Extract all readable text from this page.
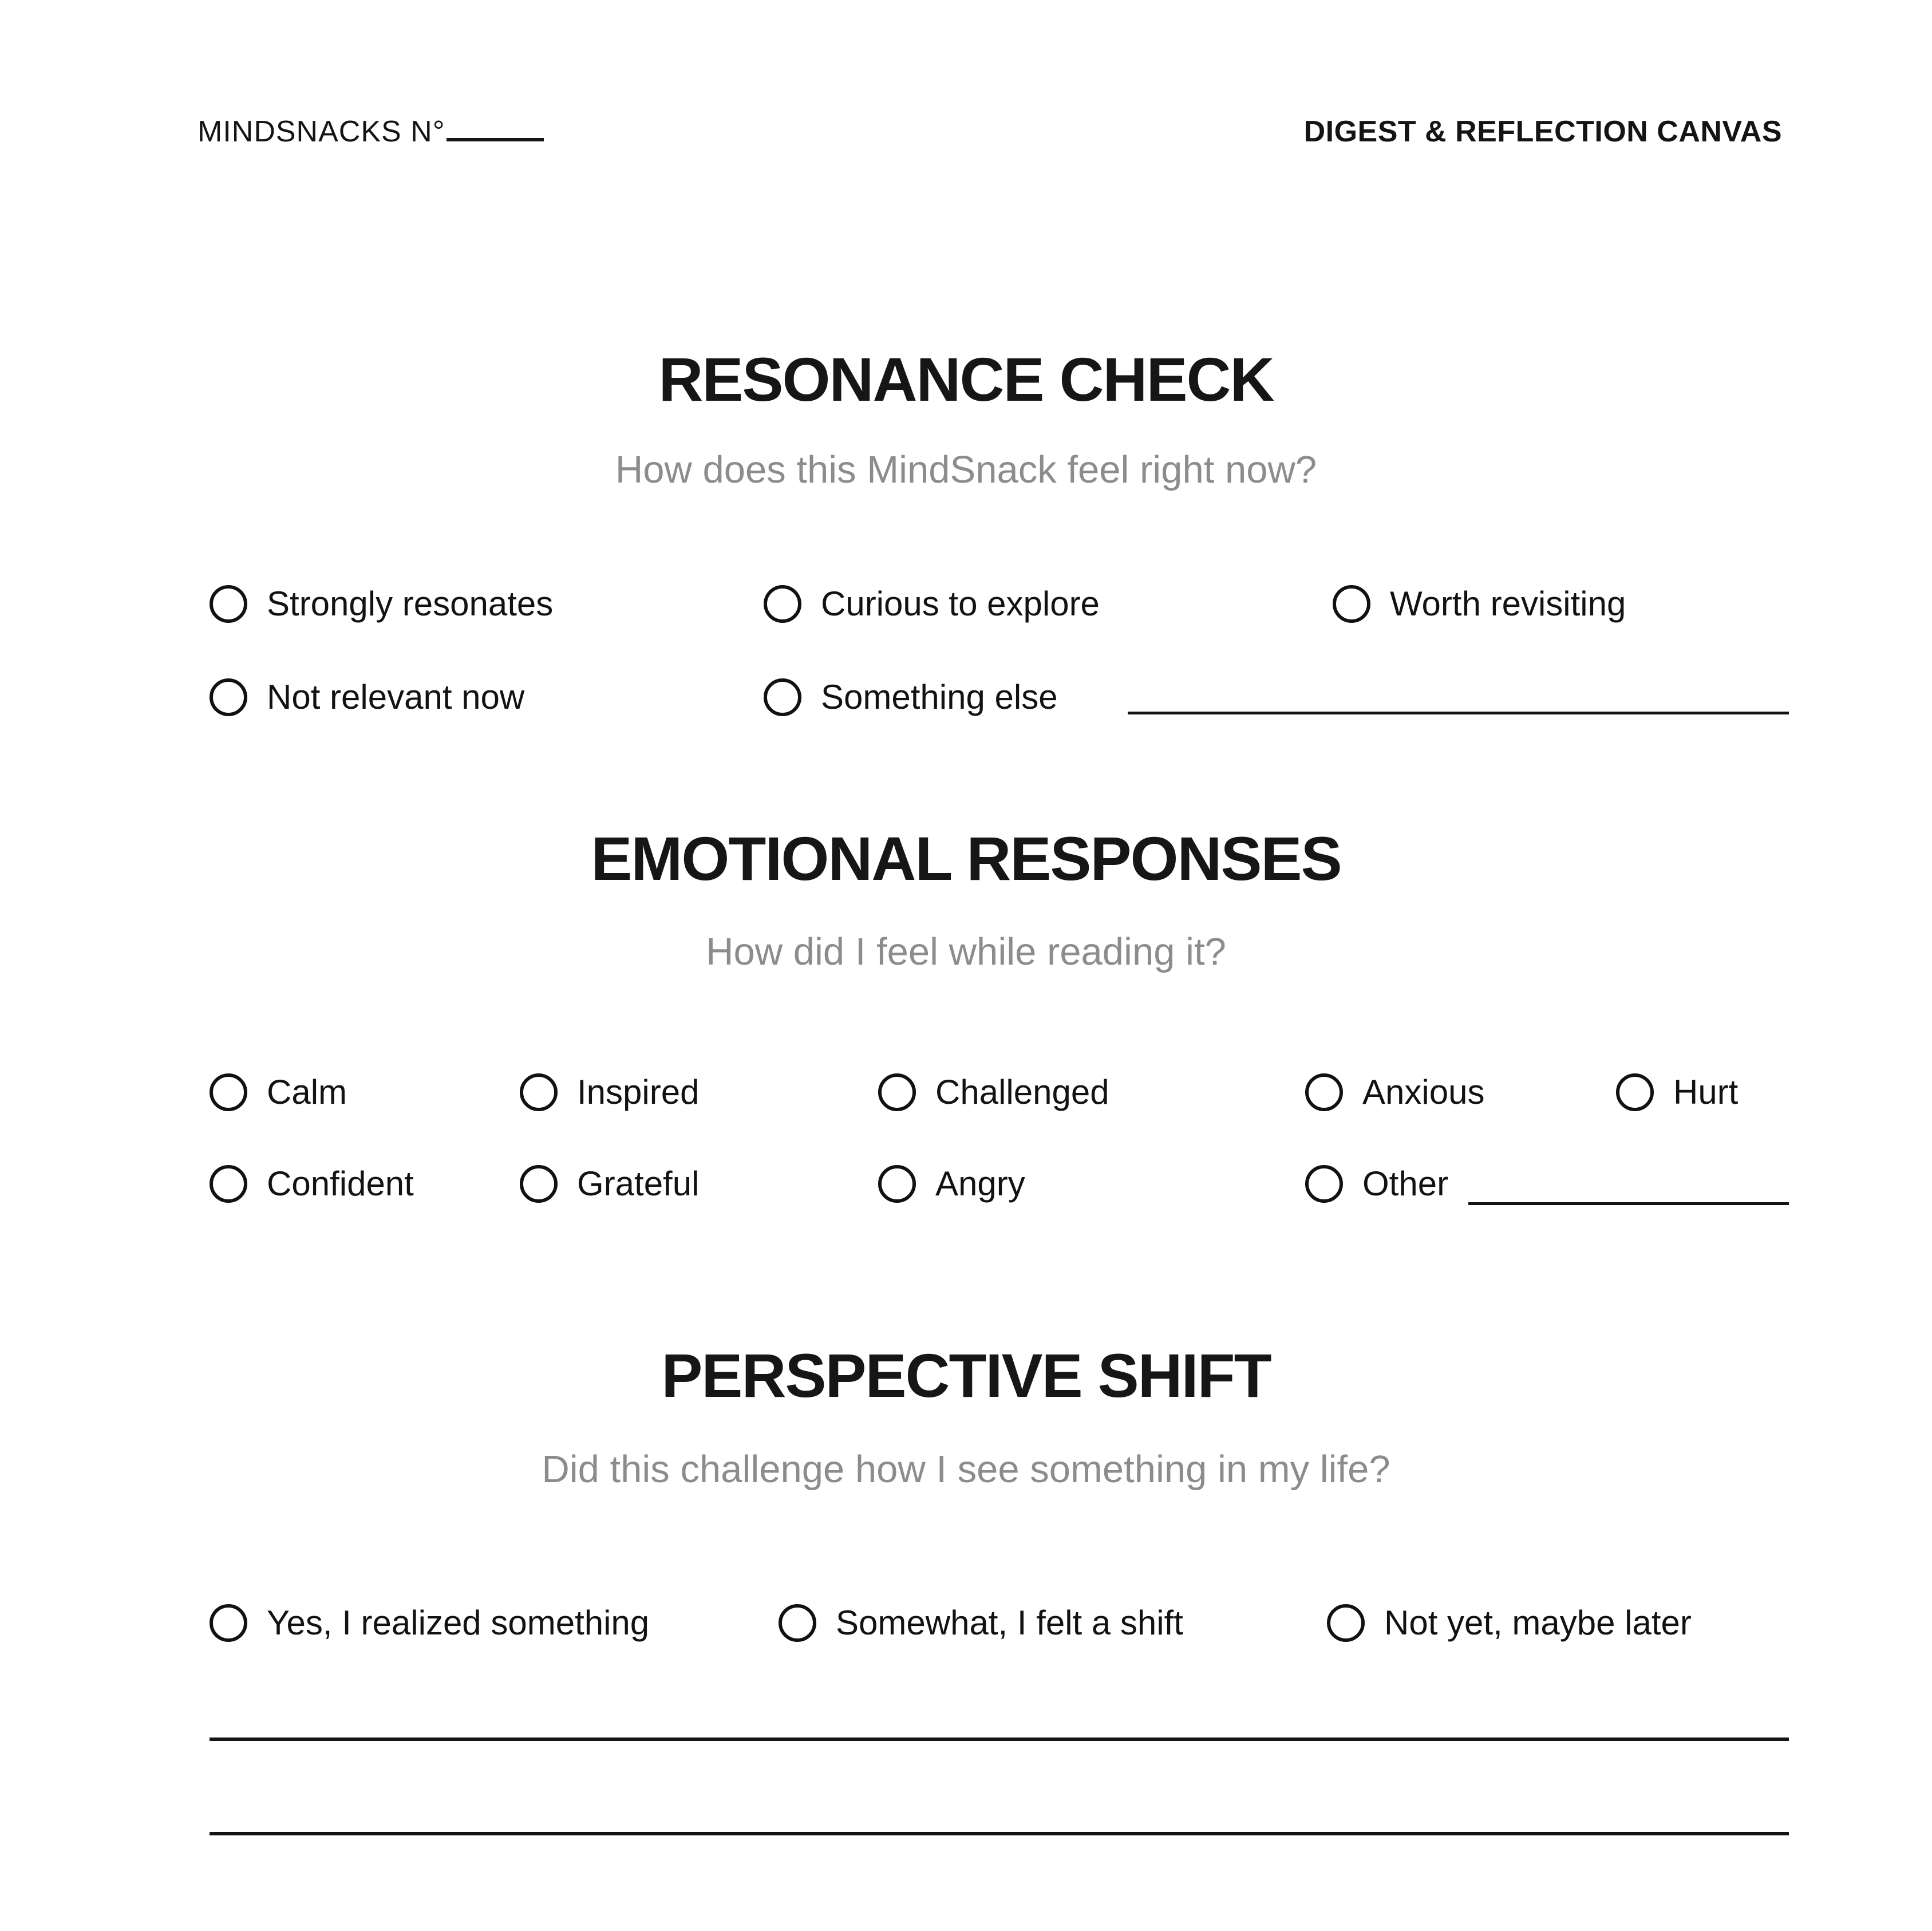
MINDSNACKS N°	DIGEST & REFLECTION CANVAS
RESONANCE CHECK
How does this MindSnack feel right now?
Strongly resonates	Curious to explore	Worth revisiting
Not relevant now	Something else
EMOTIONAL RESPONSES
How did I feel while reading it?
Calm	Inspired	Challenged	Anxious	Hurt
Confident	Grateful	Angry	Other
PERSPECTIVE SHIFT
Did this challenge how I see something in my life?
Yes, I realized something	Somewhat, I felt a shift	Not yet, maybe later
